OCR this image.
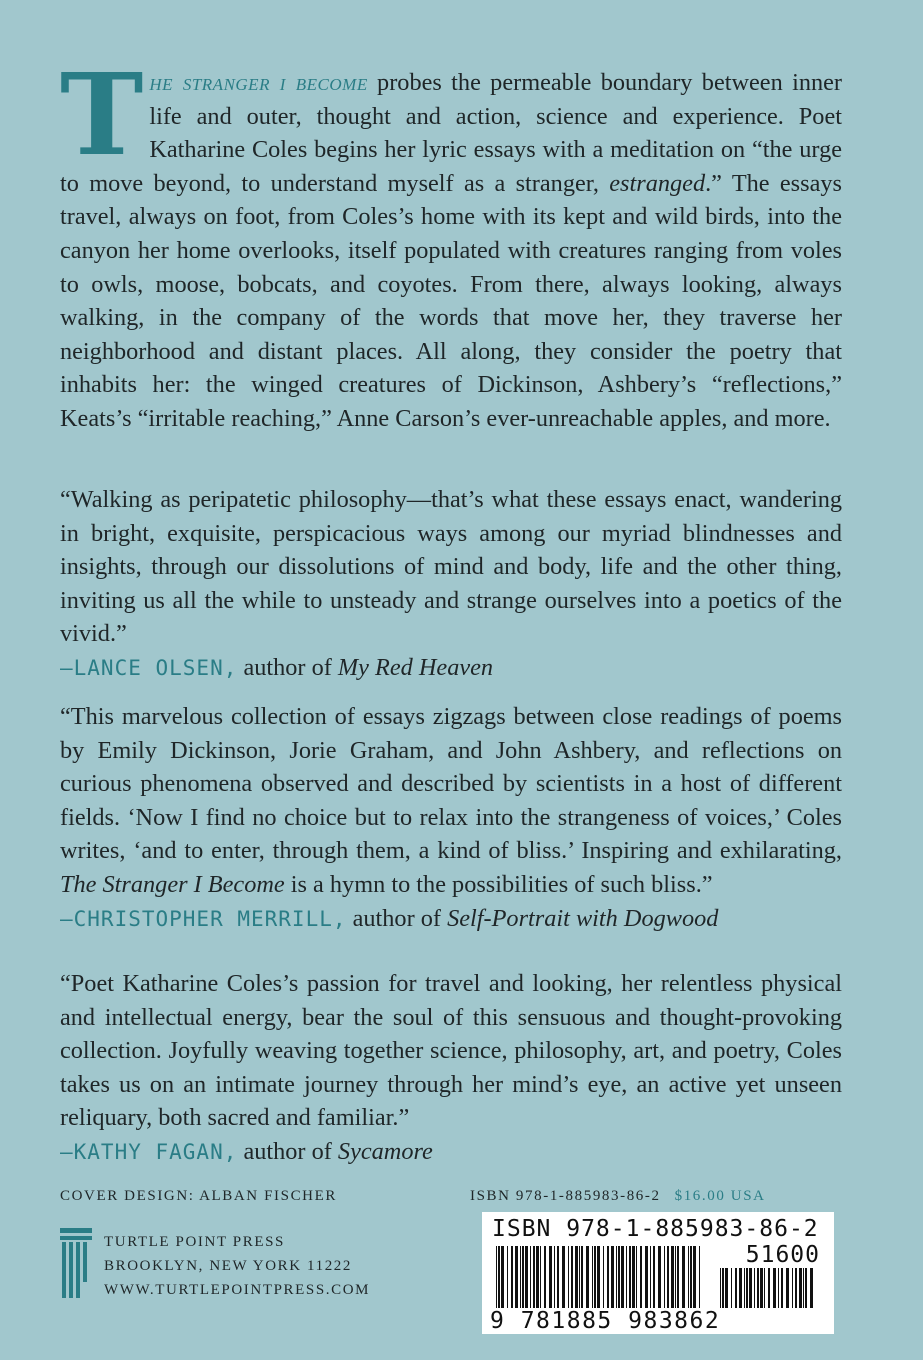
The stranger i become probes the permeable boundary between inner life and outer, thought and action, science and experience. Poet Katharine Coles begins her lyric essays with a meditation on “the urge to move beyond, to understand myself as a stranger, estranged.” The essays travel, always on foot, from Coles’s home with its kept and wild birds, into the canyon her home overlooks, itself populated with creatures ranging from voles to owls, moose, bobcats, and coyotes. From there, always looking, always walking, in the company of the words that move her, they traverse her neighborhood and distant places. All along, they consider the poetry that inhabits her: the winged creatures of Dickinson, Ashbery’s “reflections,” Keats’s “irritable reaching,” Anne Carson’s ever-unreachable apples, and more.
“Walking as peripatetic philosophy—that’s what these essays enact, wandering in bright, exquisite, perspicacious ways among our myriad blindnesses and insights, through our dissolutions of mind and body, life and the other thing, inviting us all the while to unsteady and strange ourselves into a poetics of the vivid.”
—LANCE OLSEN, author of My Red Heaven
“This marvelous collection of essays zigzags between close readings of poems by Emily Dickinson, Jorie Graham, and John Ashbery, and reflections on curious phenomena observed and described by scientists in a host of different fields. ‘Now I find no choice but to relax into the strangeness of voices,’ Coles writes, ‘and to enter, through them, a kind of bliss.’ Inspiring and exhilarating, The Stranger I Become is a hymn to the possibilities of such bliss.”
—CHRISTOPHER MERRILL, author of Self-Portrait with Dogwood
“Poet Katharine Coles’s passion for travel and looking, her relentless physical and intellectual energy, bear the soul of this sensuous and thought-provoking collection. Joyfully weaving together science, philosophy, art, and poetry, Coles takes us on an intimate journey through her mind’s eye, an active yet unseen reliquary, both sacred and familiar.”
—KATHY FAGAN, author of Sycamore
COVER DESIGN: ALBAN FISCHER	ISBN 978-1-885983-86-2 $16.00 USA
TURTLE POINT PRESS
BROOKLYN, NEW YORK 11222
WWW.TURTLEPOINTPRESS.COM
ISBN 978-1-885983-86-2
51600
9 781885 983862
